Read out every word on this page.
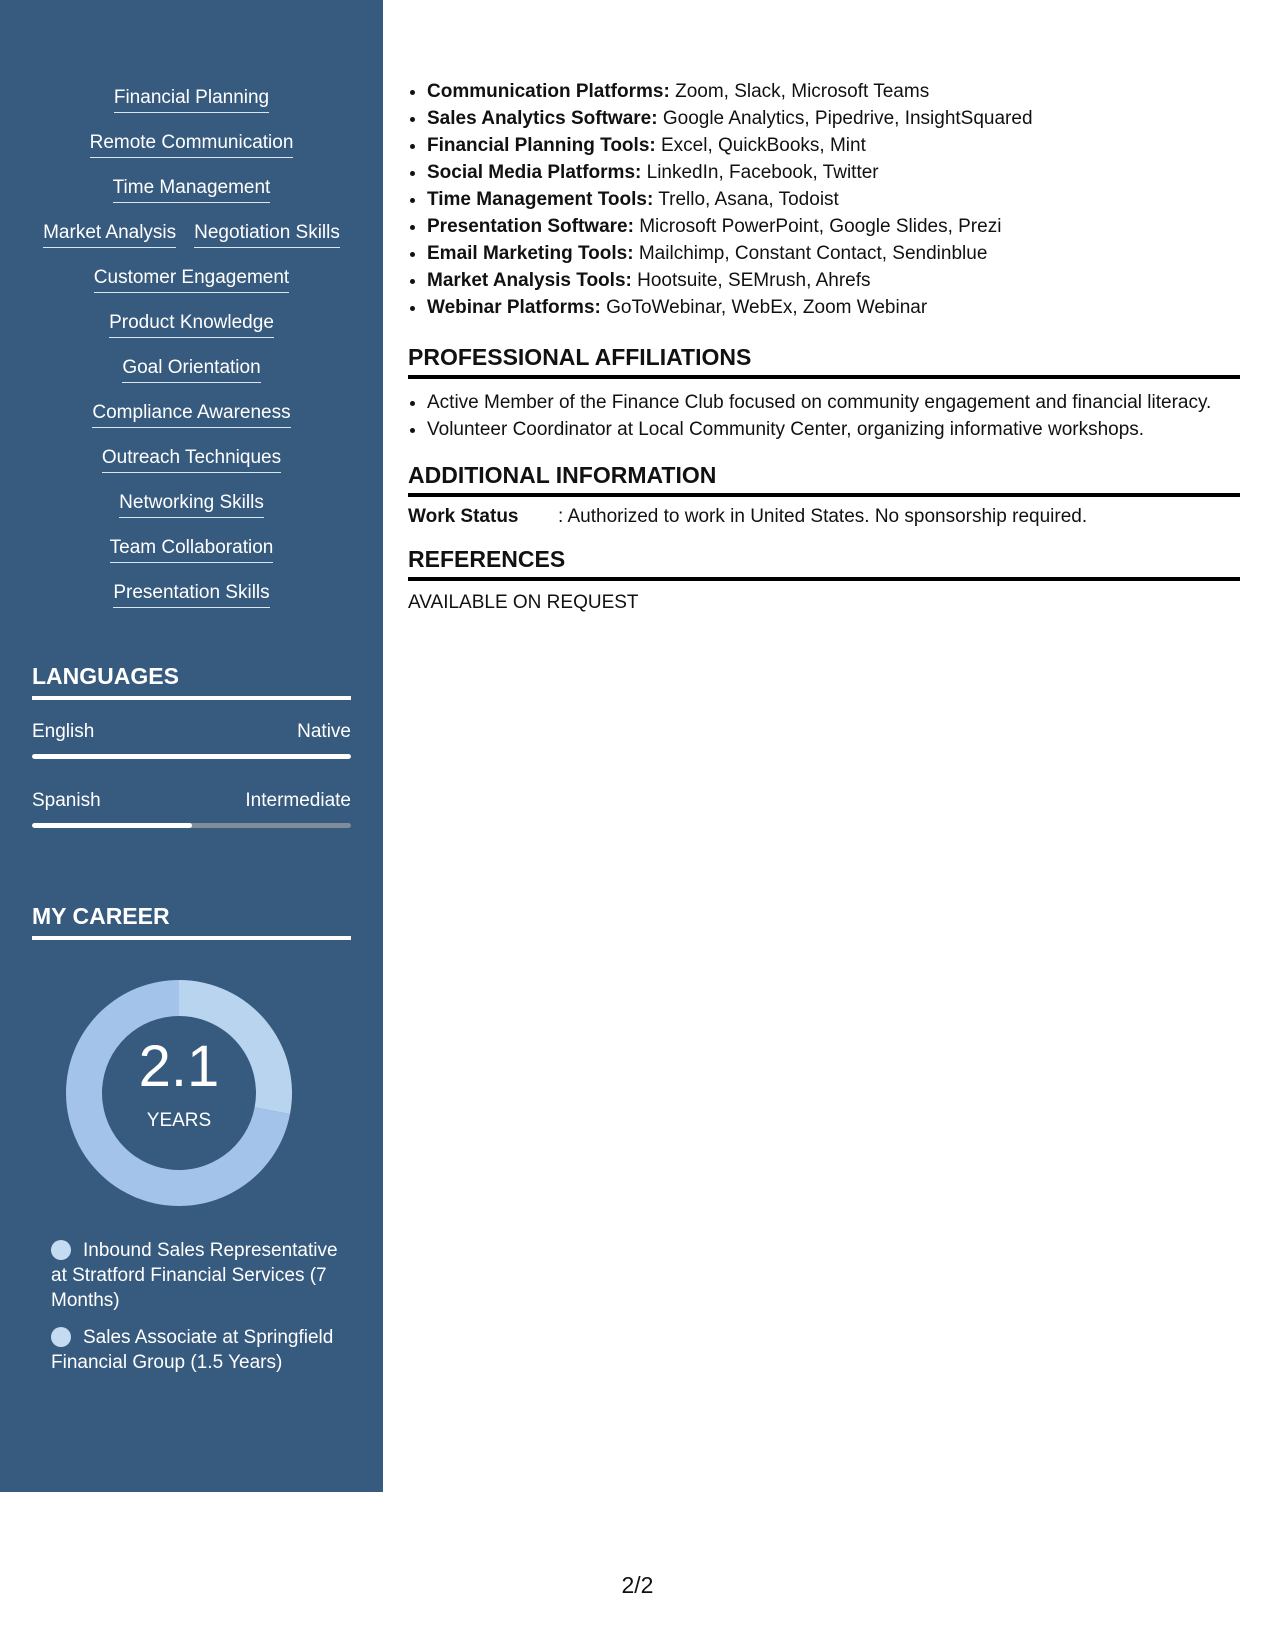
Financial Planning
Remote Communication
Time Management
Market Analysis Negotiation Skills
Customer Engagement
Product Knowledge
Goal Orientation
Compliance Awareness
Outreach Techniques
Networking Skills
Team Collaboration
Presentation Skills
LANGUAGES
English	Native
Spanish	Intermediate
MY CAREER
2.1
YEARS
Inbound Sales Representative at Stratford Financial Services (7 Months)
Sales Associate at Springfield Financial Group (1.5 Years)
• Communication Platforms: Zoom, Slack, Microsoft Teams
• Sales Analytics Software: Google Analytics, Pipedrive, InsightSquared
• Financial Planning Tools: Excel, QuickBooks, Mint
• Social Media Platforms: LinkedIn, Facebook, Twitter
• Time Management Tools: Trello, Asana, Todoist
• Presentation Software: Microsoft PowerPoint, Google Slides, Prezi
• Email Marketing Tools: Mailchimp, Constant Contact, Sendinblue
• Market Analysis Tools: Hootsuite, SEMrush, Ahrefs
• Webinar Platforms: GoToWebinar, WebEx, Zoom Webinar
PROFESSIONAL AFFILIATIONS
• Active Member of the Finance Club focused on community engagement and financial literacy.
• Volunteer Coordinator at Local Community Center, organizing informative workshops.
ADDITIONAL INFORMATION
Work Status	: Authorized to work in United States. No sponsorship required.
REFERENCES
AVAILABLE ON REQUEST
2/2
